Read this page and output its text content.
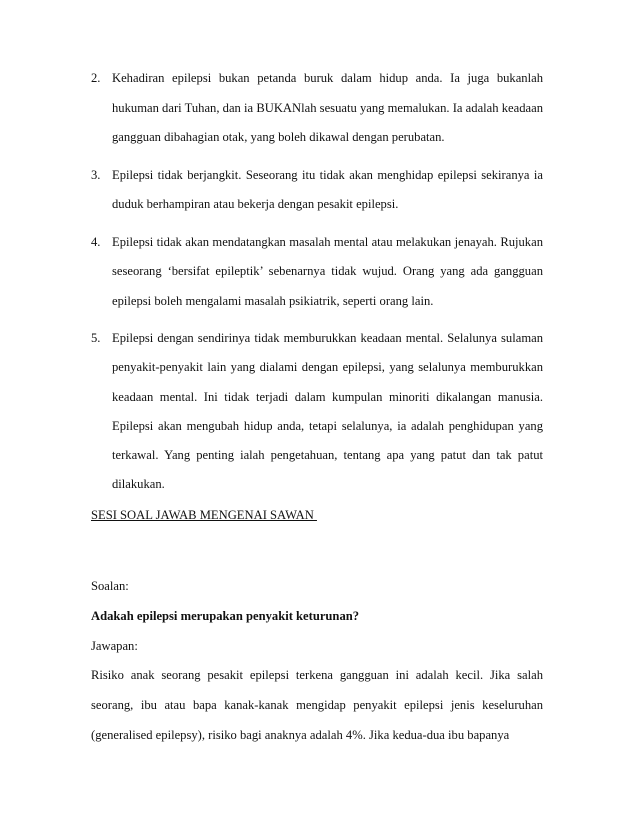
2. Kehadiran epilepsi bukan petanda buruk dalam hidup anda. Ia juga bukanlah hukuman dari Tuhan, dan ia BUKANlah sesuatu yang memalukan. Ia adalah keadaan gangguan dibahagian otak, yang boleh dikawal dengan perubatan.
3. Epilepsi tidak berjangkit. Seseorang itu tidak akan menghidap epilepsi sekiranya ia duduk berhampiran atau bekerja dengan pesakit epilepsi.
4. Epilepsi tidak akan mendatangkan masalah mental atau melakukan jenayah. Rujukan seseorang ‘bersifat epileptik’ sebenarnya tidak wujud. Orang yang ada gangguan epilepsi boleh mengalami masalah psikiatrik, seperti orang lain.
5. Epilepsi dengan sendirinya tidak memburukkan keadaan mental. Selalunya sulaman penyakit-penyakit lain yang dialami dengan epilepsi, yang selalunya memburukkan keadaan mental. Ini tidak terjadi dalam kumpulan minoriti dikalangan manusia. Epilepsi akan mengubah hidup anda, tetapi selalunya, ia adalah penghidupan yang terkawal. Yang penting ialah pengetahuan, tentang apa yang patut dan tak patut dilakukan.
SESI SOAL JAWAB MENGENAI SAWAN

Soalan:

Adakah epilepsi merupakan penyakit keturunan?

Jawapan:

Risiko anak seorang pesakit epilepsi terkena gangguan ini adalah kecil. Jika salah seorang, ibu atau bapa kanak-kanak mengidap penyakit epilepsi jenis keseluruhan (generalised epilepsy), risiko bagi anaknya adalah 4%. Jika kedua-dua ibu bapanya
